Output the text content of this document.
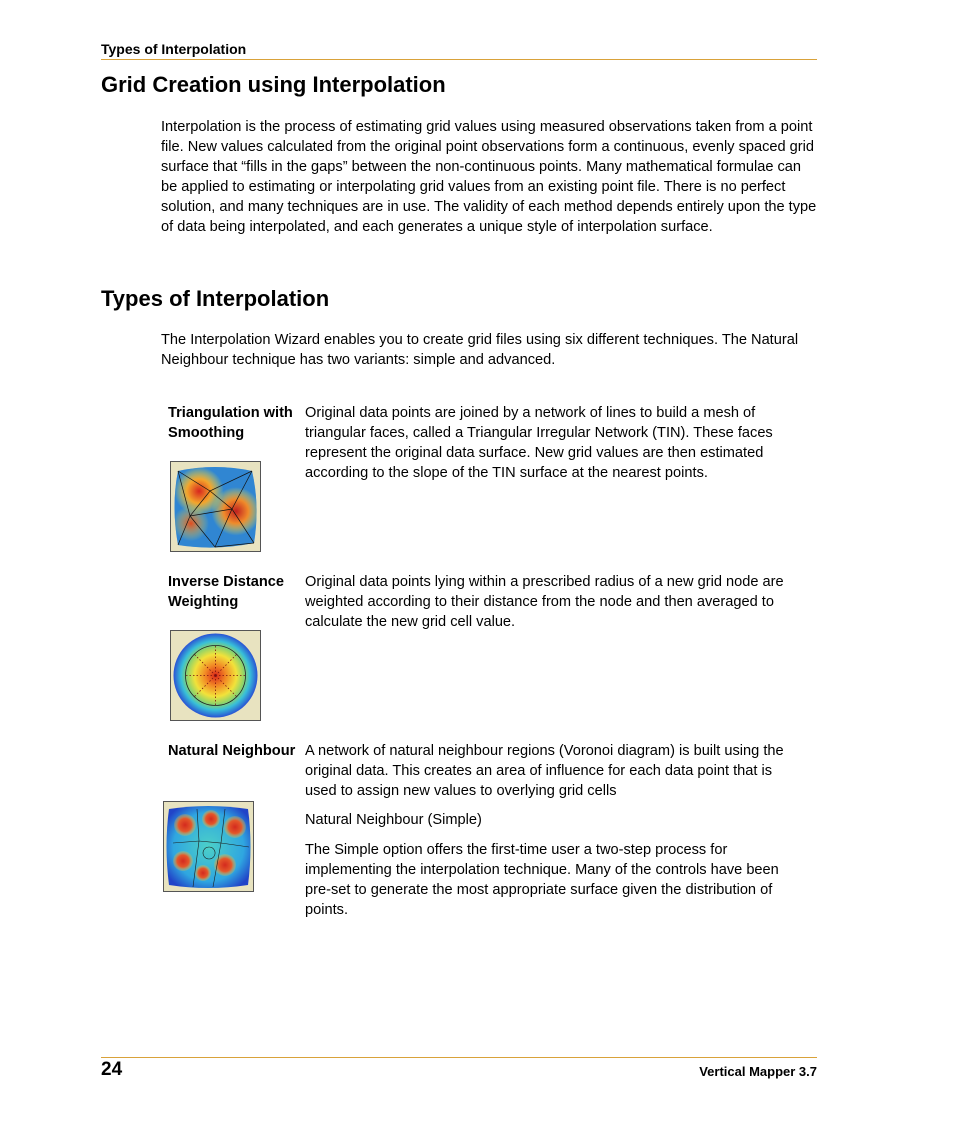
Types of Interpolation
Grid Creation using Interpolation

Interpolation is the process of estimating grid values using measured observations taken from a point file. New values calculated from the original point observations form a continuous, evenly spaced grid surface that “fills in the gaps” between the non-continuous points. Many mathematical formulae can be applied to estimating or interpolating grid values from an existing point file. There is no perfect solution, and many techniques are in use. The validity of each method depends entirely upon the type of data being interpolated, and each generates a unique style of interpolation surface.

Types of Interpolation

The Interpolation Wizard enables you to create grid files using six different techniques. The Natural Neighbour technique has two variants: simple and advanced.

Triangulation with Smoothing

Original data points are joined by a network of lines to build a mesh of triangular faces, called a Triangular Irregular Network (TIN). These faces represent the original data surface. New grid values are then estimated according to the slope of the TIN surface at the nearest points.

Inverse Distance Weighting

Original data points lying within a prescribed radius of a new grid node are weighted according to their distance from the node and then averaged to calculate the new grid cell value.

Natural Neighbour A network of natural neighbour regions (Voronoi diagram) is built using the original data. This creates an area of influence for each data point that is used to assign new values to overlying grid cells

Natural Neighbour (Simple)

The Simple option offers the first-time user a two-step process for implementing the interpolation technique. Many of the controls have been pre-set to generate the most appropriate surface given the distribution of points.

24	Vertical Mapper 3.7
